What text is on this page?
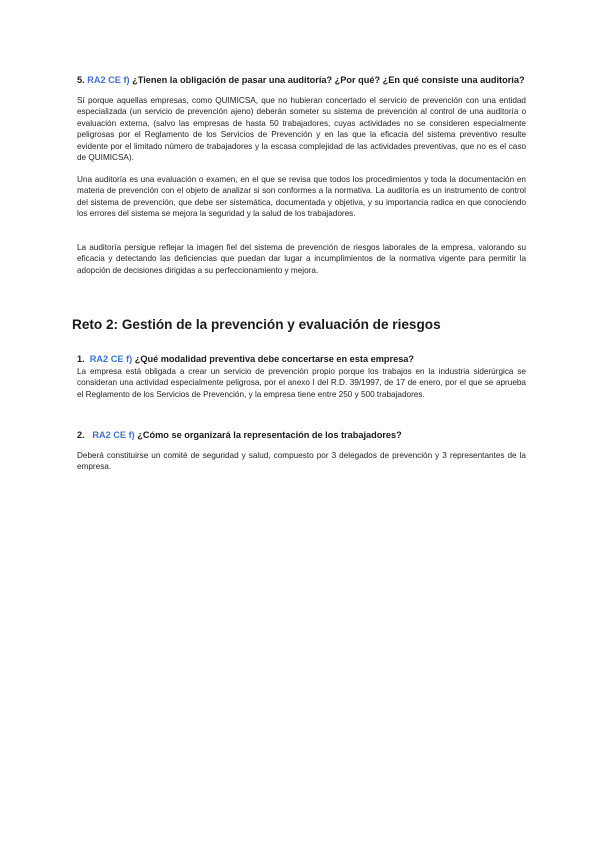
5. RA2 CE f) ¿Tienen la obligación de pasar una auditoría? ¿Por qué? ¿En qué consiste una auditoría?
Sí porque aquellas empresas, como QUIMICSA, que no hubieran concertado el servicio de prevención con una entidad especializada (un servicio de prevención ajeno) deberán someter su sistema de prevención al control de una auditoría o evaluación externa, (salvo las empresas de hasta 50 trabajadores, cuyas actividades no se consideren especialmente peligrosas por el Reglamento de los Servicios de Prevención y en las que la eficacia del sistema preventivo resulte evidente por el limitado número de trabajadores y la escasa complejidad de las actividades preventivas, que no es el caso de QUIMICSA).
Una auditoría es una evaluación o examen, en el que se revisa que todos los procedimientos y toda la documentación en materia de prevención con el objeto de analizar si son conformes a la normativa. La auditoría es un instrumento de control del sistema de prevención, que debe ser sistemática, documentada y objetiva, y su importancia radica en que conociendo los errores del sistema se mejora la seguridad y la salud de los trabajadores.
La auditoría persigue reflejar la imagen fiel del sistema de prevención de riesgos laborales de la empresa, valorando su eficacia y detectando las deficiencias que puedan dar lugar a incumplimientos de la normativa vigente para permitir la adopción de decisiones dirigidas a su perfeccionamiento y mejora.
Reto 2: Gestión de la prevención y evaluación de riesgos
1. RA2 CE f) ¿Qué modalidad preventiva debe concertarse en esta empresa?
La empresa está obligada a crear un servicio de prevención propio porque los trabajos en la industria siderúrgica se consideran una actividad especialmente peligrosa, por el anexo I del R.D. 39/1997, de 17 de enero, por el que se aprueba el Reglamento de los Servicios de Prevención, y la empresa tiene entre 250 y 500 trabajadores.
2. RA2 CE f) ¿Cómo se organizará la representación de los trabajadores?
Deberá constituirse un comité de seguridad y salud, compuesto por 3 delegados de prevención y 3 representantes de la empresa.
